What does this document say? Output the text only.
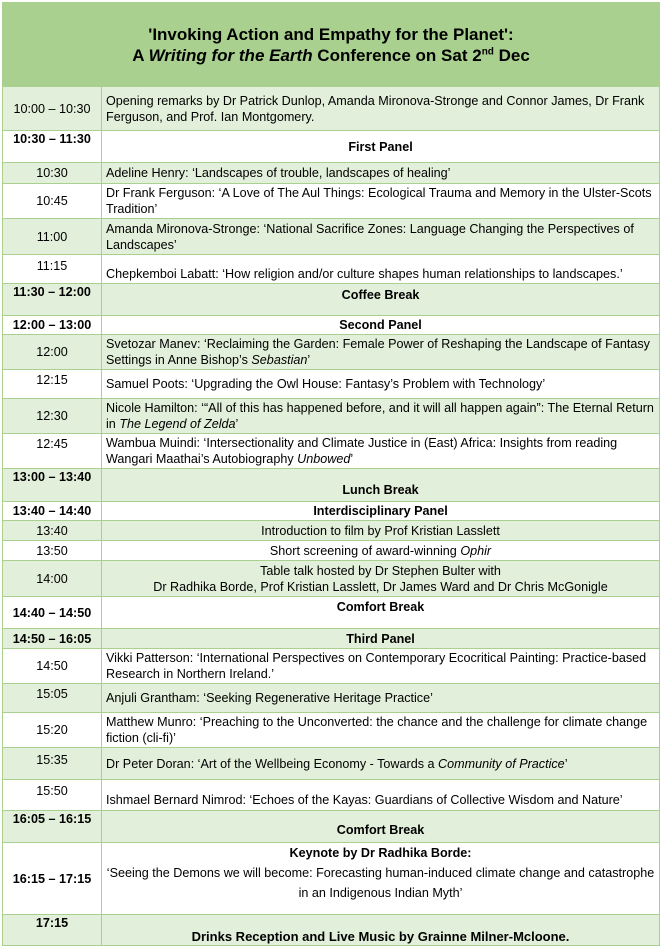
'Invoking Action and Empathy for the Planet':
A Writing for the Earth Conference on Sat 2nd Dec	
10:00 – 10:30	Opening remarks by Dr Patrick Dunlop, Amanda Mironova-Stronge and Connor James, Dr Frank Ferguson, and Prof. Ian Montgomery.
10:30 – 11:30	First Panel
10:30	Adeline Henry: ‘Landscapes of trouble, landscapes of healing’
10:45	Dr Frank Ferguson: ‘A Love of The Aul Things: Ecological Trauma and Memory in the Ulster-Scots Tradition’
11:00	Amanda Mironova-Stronge: ‘National Sacrifice Zones: Language Changing the Perspectives of Landscapes’
11:15	Chepkemboi Labatt: ‘How religion and/or culture shapes human relationships to landscapes.’
11:30 – 12:00	Coffee Break
12:00 – 13:00	Second Panel
12:00	Svetozar Manev: ‘Reclaiming the Garden: Female Power of Reshaping the Landscape of Fantasy Settings in Anne Bishop’s Sebastian’
12:15	Samuel Poots: ‘Upgrading the Owl House: Fantasy’s Problem with Technology’
12:30	Nicole Hamilton: ‘“All of this has happened before, and it will all happen again”: The Eternal Return in The Legend of Zelda’
12:45	Wambua Muindi: ‘Intersectionality and Climate Justice in (East) Africa: Insights from reading Wangari Maathai’s Autobiography Unbowed’
13:00 – 13:40	Lunch Break
13:40 – 14:40	Interdisciplinary Panel
13:40	Introduction to film by Prof Kristian Lasslett
13:50	Short screening of award-winning Ophir
14:00	Table talk hosted by Dr Stephen Bulter with
Dr Radhika Borde, Prof Kristian Lasslett, Dr James Ward and Dr Chris McGonigle
14:40 – 14:50	Comfort Break
14:50 – 16:05	Third Panel
14:50	Vikki Patterson: ‘International Perspectives on Contemporary Ecocritical Painting: Practice-based Research in Northern Ireland.’
15:05	Anjuli Grantham: ‘Seeking Regenerative Heritage Practice’
15:20	Matthew Munro: ‘Preaching to the Unconverted: the chance and the challenge for climate change fiction (cli-fi)’
15:35	Dr Peter Doran: ‘Art of the Wellbeing Economy - Towards a Community of Practice’
15:50	Ishmael Bernard Nimrod: ‘Echoes of the Kayas: Guardians of Collective Wisdom and Nature’
16:05 – 16:15	Comfort Break
16:15 – 17:15	Keynote by Dr Radhika Borde:
‘Seeing the Demons we will become: Forecasting human-induced climate change and catastrophe in an Indigenous Indian Myth’

17:15	Drinks Reception and Live Music by Grainne Milner-Mcloone.
